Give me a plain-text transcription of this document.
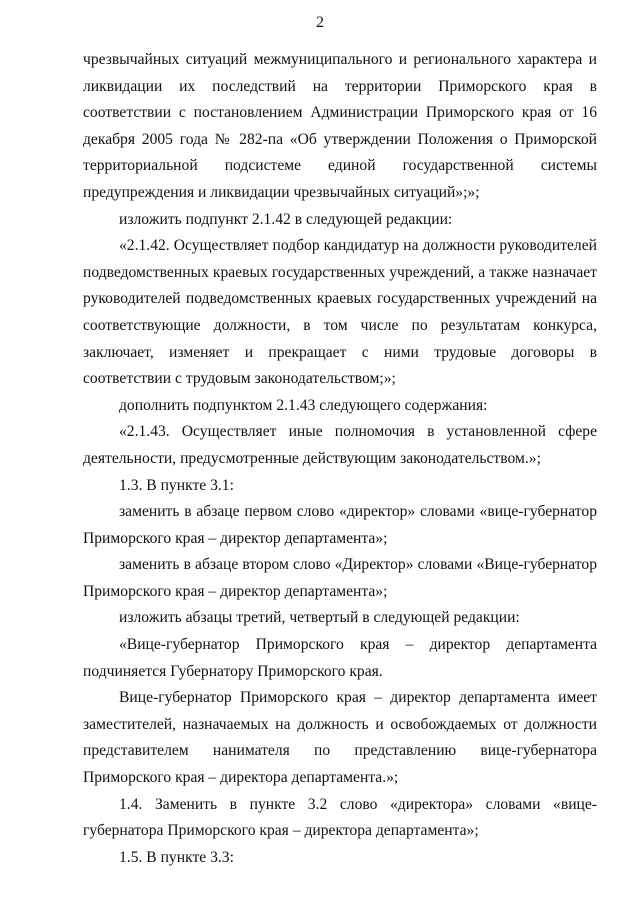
2

чрезвычайных ситуаций межмуниципального и регионального характера и ликвидации их последствий на территории Приморского края в соответствии с постановлением Администрации Приморского края от 16 декабря 2005 года № 282-па «Об утверждении Положения о Приморской территориальной подсистеме единой государственной системы предупреждения и ликвидации чрезвычайных ситуаций»;»;

изложить подпункт 2.1.42 в следующей редакции:

«2.1.42. Осуществляет подбор кандидатур на должности руководителей подведомственных краевых государственных учреждений, а также назначает руководителей подведомственных краевых государственных учреждений на соответствующие должности, в том числе по результатам конкурса, заключает, изменяет и прекращает с ними трудовые договоры в соответствии с трудовым законодательством;»;

дополнить подпунктом 2.1.43 следующего содержания:

«2.1.43. Осуществляет иные полномочия в установленной сфере деятельности, предусмотренные действующим законодательством.»;

1.3. В пункте 3.1:

заменить в абзаце первом слово «директор» словами «вице-губернатор Приморского края – директор департамента»;

заменить в абзаце втором слово «Директор» словами «Вице-губернатор Приморского края – директор департамента»;

изложить абзацы третий, четвертый в следующей редакции:

«Вице-губернатор Приморского края – директор департамента подчиняется Губернатору Приморского края.

Вице-губернатор Приморского края – директор департамента имеет заместителей, назначаемых на должность и освобождаемых от должности представителем нанимателя по представлению вице-губернатора Приморского края – директора департамента.»;

1.4. Заменить в пункте 3.2 слово «директора» словами «вице-губернатора Приморского края – директора департамента»;

1.5. В пункте 3.3:
